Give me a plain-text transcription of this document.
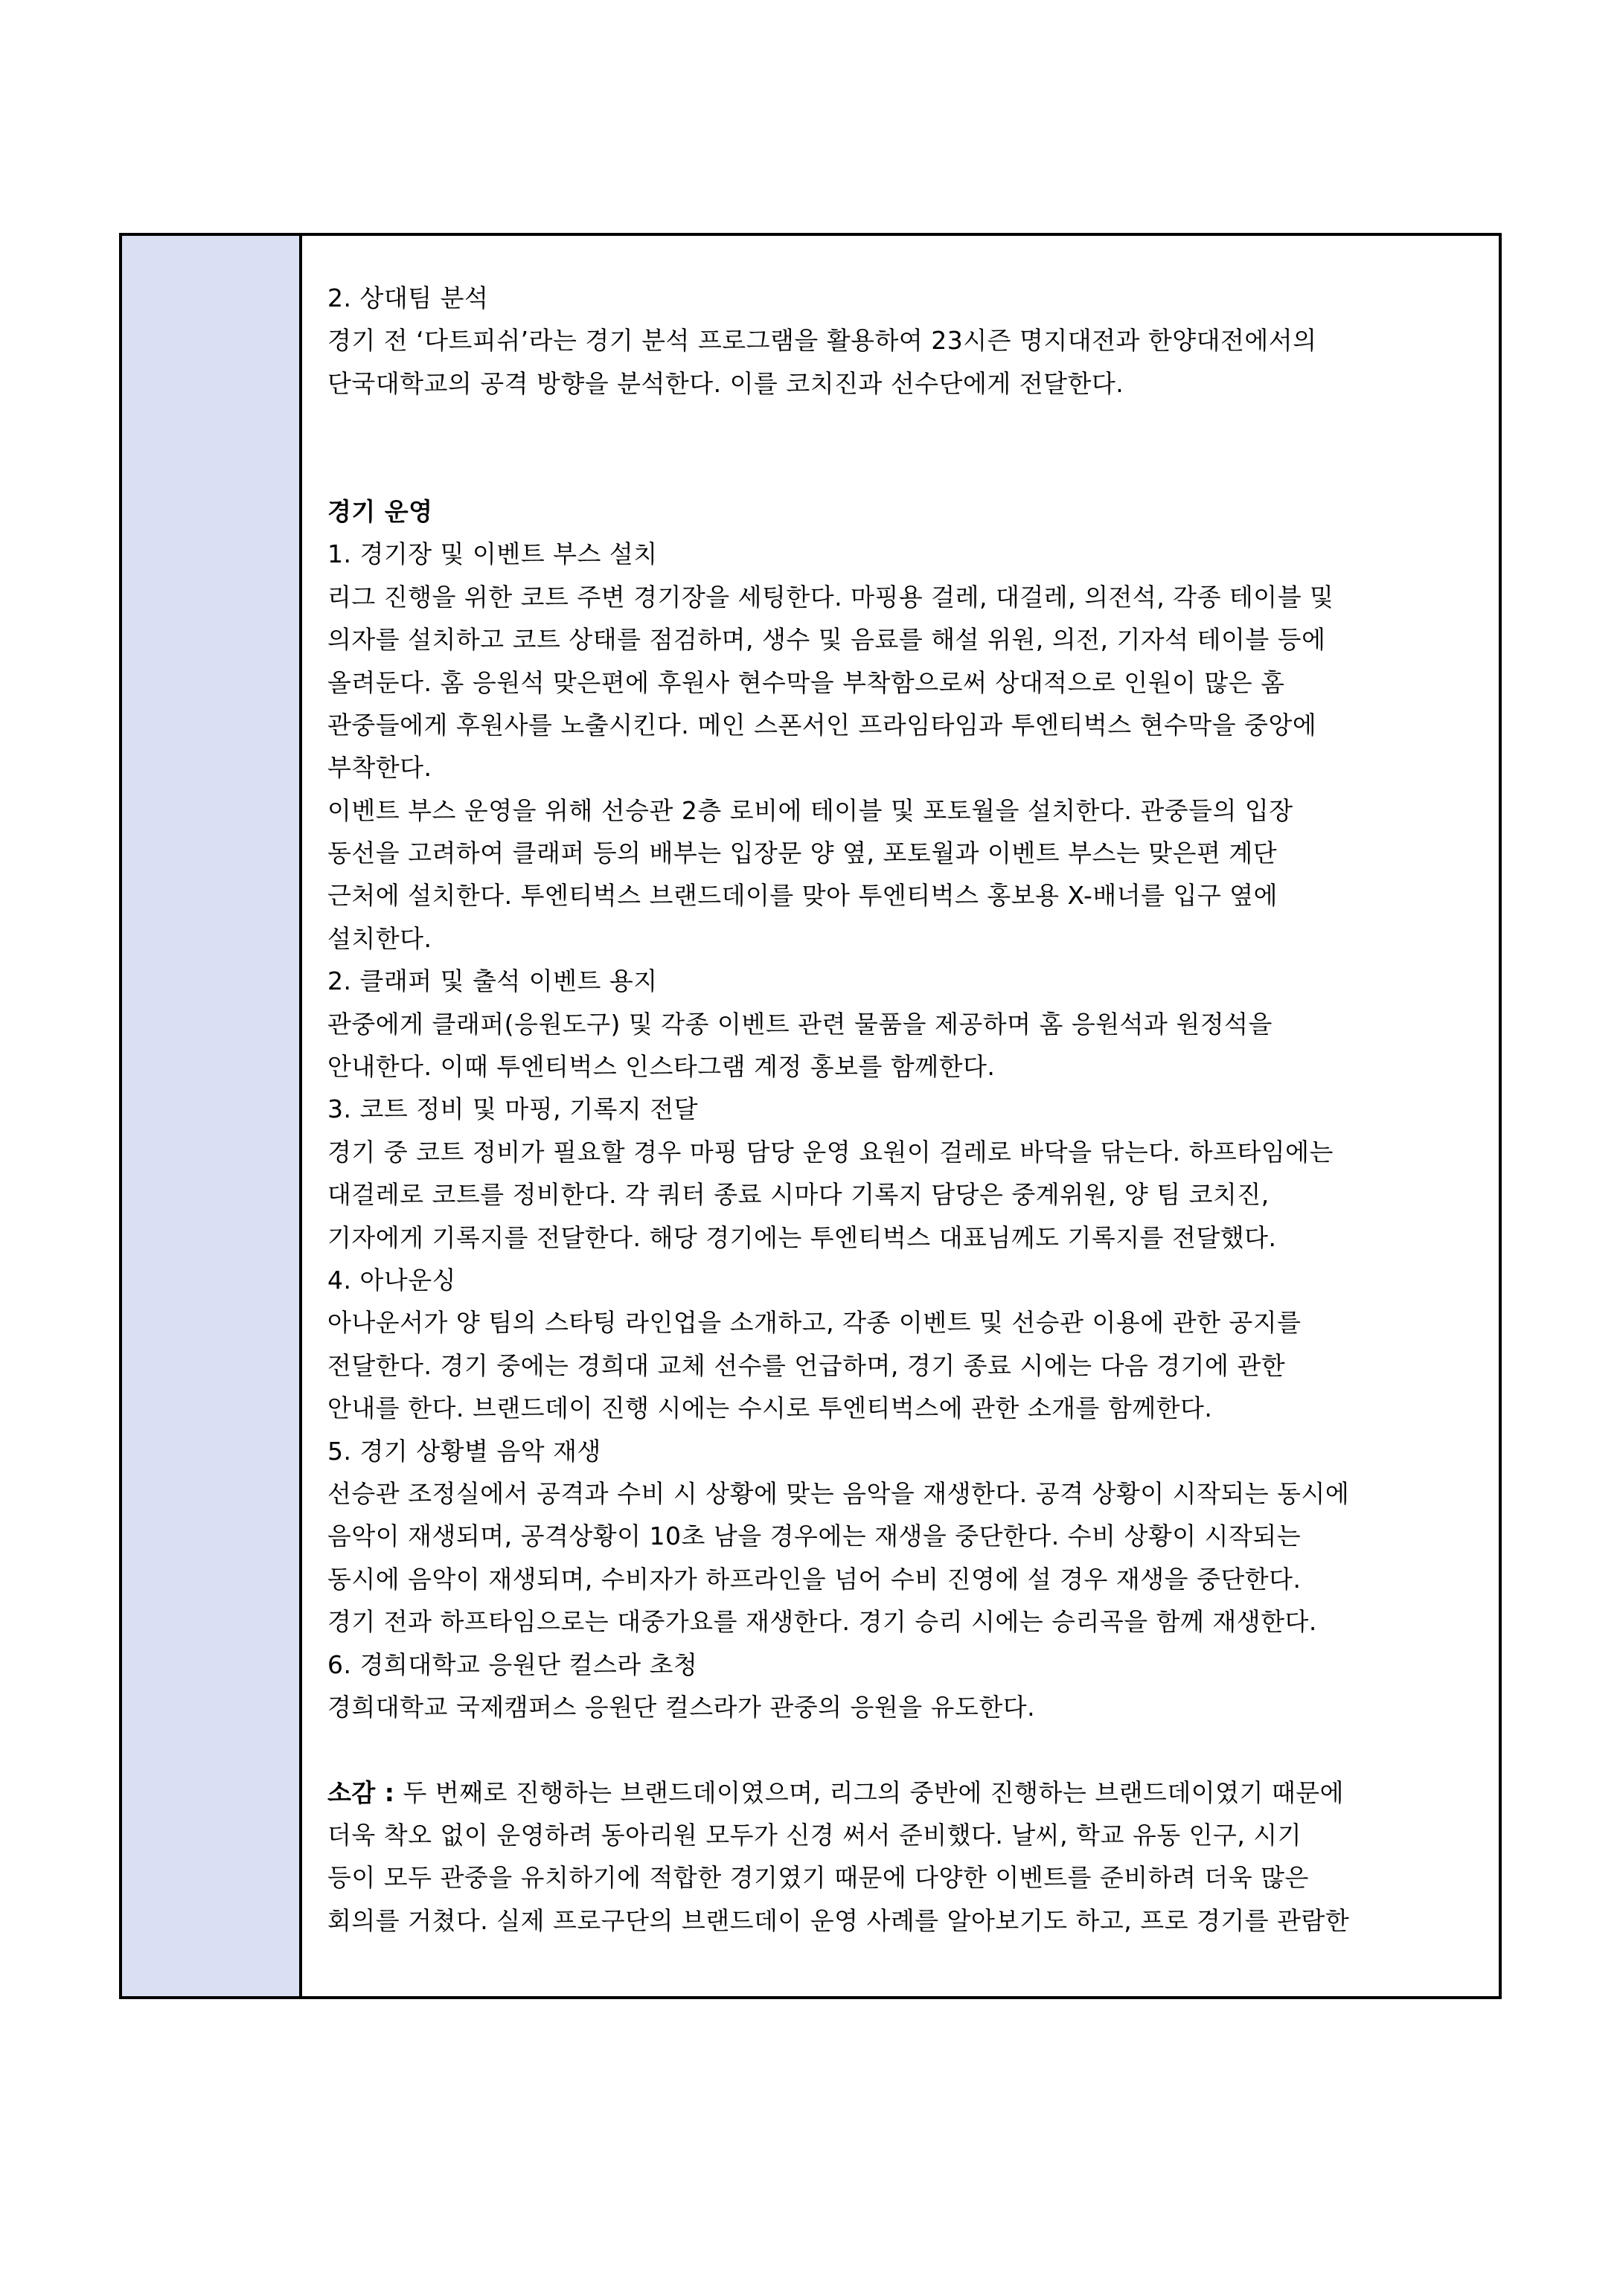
2. 상대팀 분석
경기 전 ‘다트피쉬’라는 경기 분석 프로그램을 활용하여 23시즌 명지대전과 한양대전에서의
단국대학교의 공격 방향을 분석한다. 이를 코치진과 선수단에게 전달한다.
경기 운영
1. 경기장 및 이벤트 부스 설치
리그 진행을 위한 코트 주변 경기장을 세팅한다. 마핑용 걸레, 대걸레, 의전석, 각종 테이블 및
의자를 설치하고 코트 상태를 점검하며, 생수 및 음료를 해설 위원, 의전, 기자석 테이블 등에
올려둔다. 홈 응원석 맞은편에 후원사 현수막을 부착함으로써 상대적으로 인원이 많은 홈
관중들에게 후원사를 노출시킨다. 메인 스폰서인 프라임타임과 투엔티벅스 현수막을 중앙에
부착한다.
이벤트 부스 운영을 위해 선승관 2층 로비에 테이블 및 포토월을 설치한다. 관중들의 입장
동선을 고려하여 클래퍼 등의 배부는 입장문 양 옆, 포토월과 이벤트 부스는 맞은편 계단
근처에 설치한다. 투엔티벅스 브랜드데이를 맞아 투엔티벅스 홍보용 X-배너를 입구 옆에
설치한다.
2. 클래퍼 및 출석 이벤트 용지
관중에게 클래퍼(응원도구) 및 각종 이벤트 관련 물품을 제공하며 홈 응원석과 원정석을
안내한다. 이때 투엔티벅스 인스타그램 계정 홍보를 함께한다.
3. 코트 정비 및 마핑, 기록지 전달
경기 중 코트 정비가 필요할 경우 마핑 담당 운영 요원이 걸레로 바닥을 닦는다. 하프타임에는
대걸레로 코트를 정비한다. 각 쿼터 종료 시마다 기록지 담당은 중계위원, 양 팀 코치진,
기자에게 기록지를 전달한다. 해당 경기에는 투엔티벅스 대표님께도 기록지를 전달했다.
4. 아나운싱
아나운서가 양 팀의 스타팅 라인업을 소개하고, 각종 이벤트 및 선승관 이용에 관한 공지를
전달한다. 경기 중에는 경희대 교체 선수를 언급하며, 경기 종료 시에는 다음 경기에 관한
안내를 한다. 브랜드데이 진행 시에는 수시로 투엔티벅스에 관한 소개를 함께한다.
5. 경기 상황별 음악 재생
선승관 조정실에서 공격과 수비 시 상황에 맞는 음악을 재생한다. 공격 상황이 시작되는 동시에
음악이 재생되며, 공격상황이 10초 남을 경우에는 재생을 중단한다. 수비 상황이 시작되는
동시에 음악이 재생되며, 수비자가 하프라인을 넘어 수비 진영에 설 경우 재생을 중단한다.
경기 전과 하프타임으로는 대중가요를 재생한다. 경기 승리 시에는 승리곡을 함께 재생한다.
6. 경희대학교 응원단 컬스라 초청
경희대학교 국제캠퍼스 응원단 컬스라가 관중의 응원을 유도한다.
소감 : 두 번째로 진행하는 브랜드데이였으며, 리그의 중반에 진행하는 브랜드데이였기 때문에
더욱 착오 없이 운영하려 동아리원 모두가 신경 써서 준비했다. 날씨, 학교 유동 인구, 시기
등이 모두 관중을 유치하기에 적합한 경기였기 때문에 다양한 이벤트를 준비하려 더욱 많은
회의를 거쳤다. 실제 프로구단의 브랜드데이 운영 사례를 알아보기도 하고, 프로 경기를 관람한
